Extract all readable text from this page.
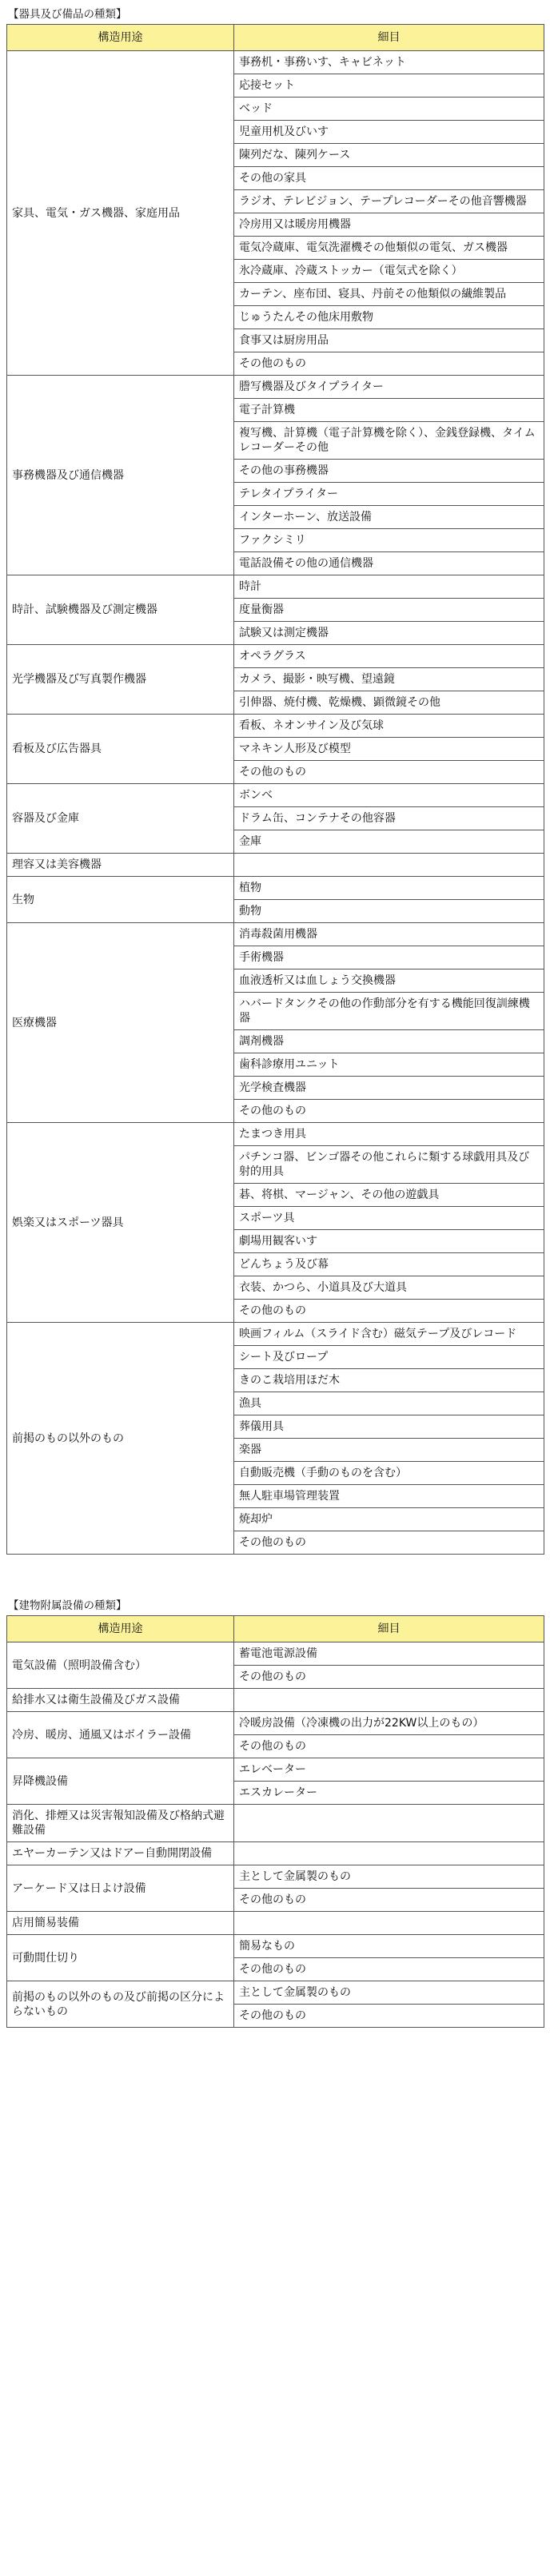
【器具及び備品の種類】
構造用途	細目
家具、電気・ガス機器、家庭用品	事務机・事務いす、キャビネット
	応接セット
	ベッド
	児童用机及びいす
	陳列だな、陳列ケース
	その他の家具
	ラジオ、テレビジョン、テープレコーダーその他音響機器
	冷房用又は暖房用機器
	電気冷蔵庫、電気洗濯機その他類似の電気、ガス機器
	氷冷蔵庫、冷蔵ストッカー（電気式を除く）
	カーテン、座布団、寝具、丹前その他類似の繊維製品
	じゅうたんその他床用敷物
	食事又は厨房用品
	その他のもの
事務機器及び通信機器	謄写機器及びタイプライター
	電子計算機
	複写機、計算機（電子計算機を除く）、金銭登録機、タイムレコーダーその他
	その他の事務機器
	テレタイプライター
	インターホーン、放送設備
	ファクシミリ
	電話設備その他の通信機器
時計、試験機器及び測定機器	時計
	度量衡器
	試験又は測定機器
光学機器及び写真製作機器	オペラグラス
	カメラ、撮影・映写機、望遠鏡
	引伸器、焼付機、乾燥機、顕微鏡その他
看板及び広告器具	看板、ネオンサイン及び気球
	マネキン人形及び模型
	その他のもの
容器及び金庫	ボンベ
	ドラム缶、コンテナその他容器
	金庫
理容又は美容機器	
生物	植物
	動物
医療機器	消毒殺菌用機器
	手術機器
	血液透析又は血しょう交換機器
	ハバードタンクその他の作動部分を有する機能回復訓練機器
	調剤機器
	歯科診療用ユニット
	光学検査機器
	その他のもの
娯楽又はスポーツ器具	たまつき用具
	パチンコ器、ビンゴ器その他これらに類する球戯用具及び射的用具
	碁、将棋、マージャン、その他の遊戯具
	スポーツ具
	劇場用観客いす
	どんちょう及び幕
	衣装、かつら、小道具及び大道具
	その他のもの
前掲のもの以外のもの	映画フィルム（スライド含む）磁気テープ及びレコード
	シート及びロープ
	きのこ栽培用ほだ木
	漁具
	葬儀用具
	楽器
	自動販売機（手動のものを含む）
	無人駐車場管理装置
	焼却炉
	その他のもの
【建物附属設備の種類】
構造用途	細目
電気設備（照明設備含む）	蓄電池電源設備
	その他のもの
給排水又は衛生設備及びガス設備	
冷房、暖房、通風又はボイラー設備	冷暖房設備（冷凍機の出力が22KW以上のもの）
	その他のもの
昇降機設備	エレベーター
	エスカレーター
消化、排煙又は災害報知設備及び格納式避難設備	
エヤーカーテン又はドアー自動開閉設備	
アーケード又は日よけ設備	主として金属製のもの
	その他のもの
店用簡易装備	
可動間仕切り	簡易なもの
	その他のもの
前掲のもの以外のもの及び前掲の区分によらないもの	主として金属製のもの
	その他のもの
